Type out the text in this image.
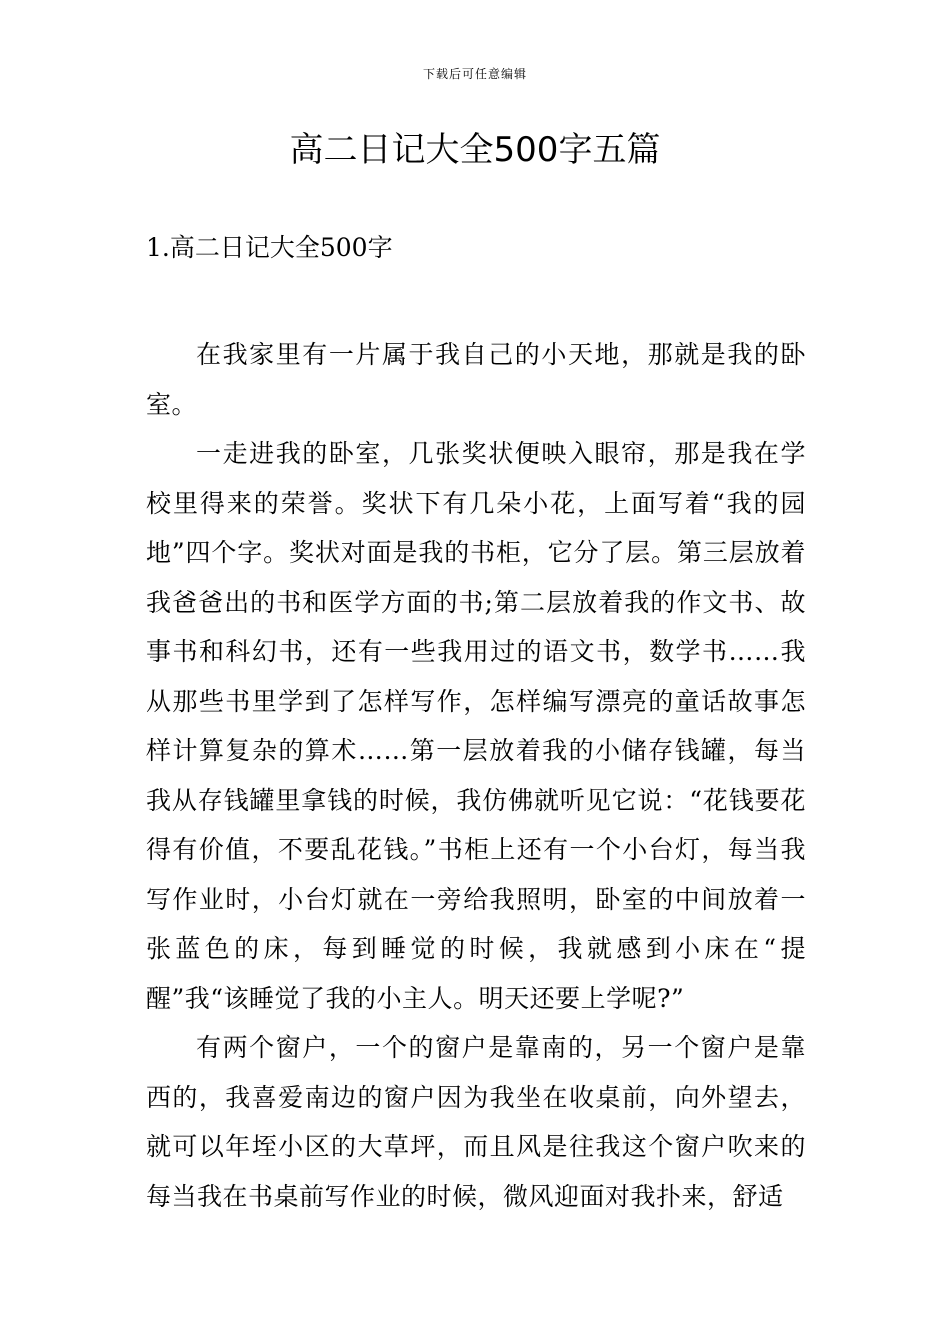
下载后可任意编辑
高二日记大全500字五篇
1.高二日记大全500字

在我家里有一片属于我自己的小天地，那就是我的卧室。

一走进我的卧室，几张奖状便映入眼帘，那是我在学校里得来的荣誉。奖状下有几朵小花，上面写着“我的园地”四个字。奖状对面是我的书柜，它分了层。第三层放着我爸爸出的书和医学方面的书;第二层放着我的作文书、故事书和科幻书，还有一些我用过的语文书，数学书……我从那些书里学到了怎样写作，怎样编写漂亮的童话故事怎样计算复杂的算术……第一层放着我的小储存钱罐，每当我从存钱罐里拿钱的时候，我仿佛就听见它说：“花钱要花得有价值，不要乱花钱。”书柜上还有一个小台灯，每当我写作业时，小台灯就在一旁给我照明，卧室的中间放着一张蓝色的床，每到睡觉的时候，我就感到小床在“提醒”我“该睡觉了我的小主人。明天还要上学呢?”

有两个窗户，一个的窗户是靠南的，另一个窗户是靠西的，我喜爱南边的窗户因为我坐在收桌前，向外望去，就可以年垤小区的大草坪，而且风是往我这个窗户吹来的每当我在书桌前写作业的时候，微风迎面对我扑来，舒适
